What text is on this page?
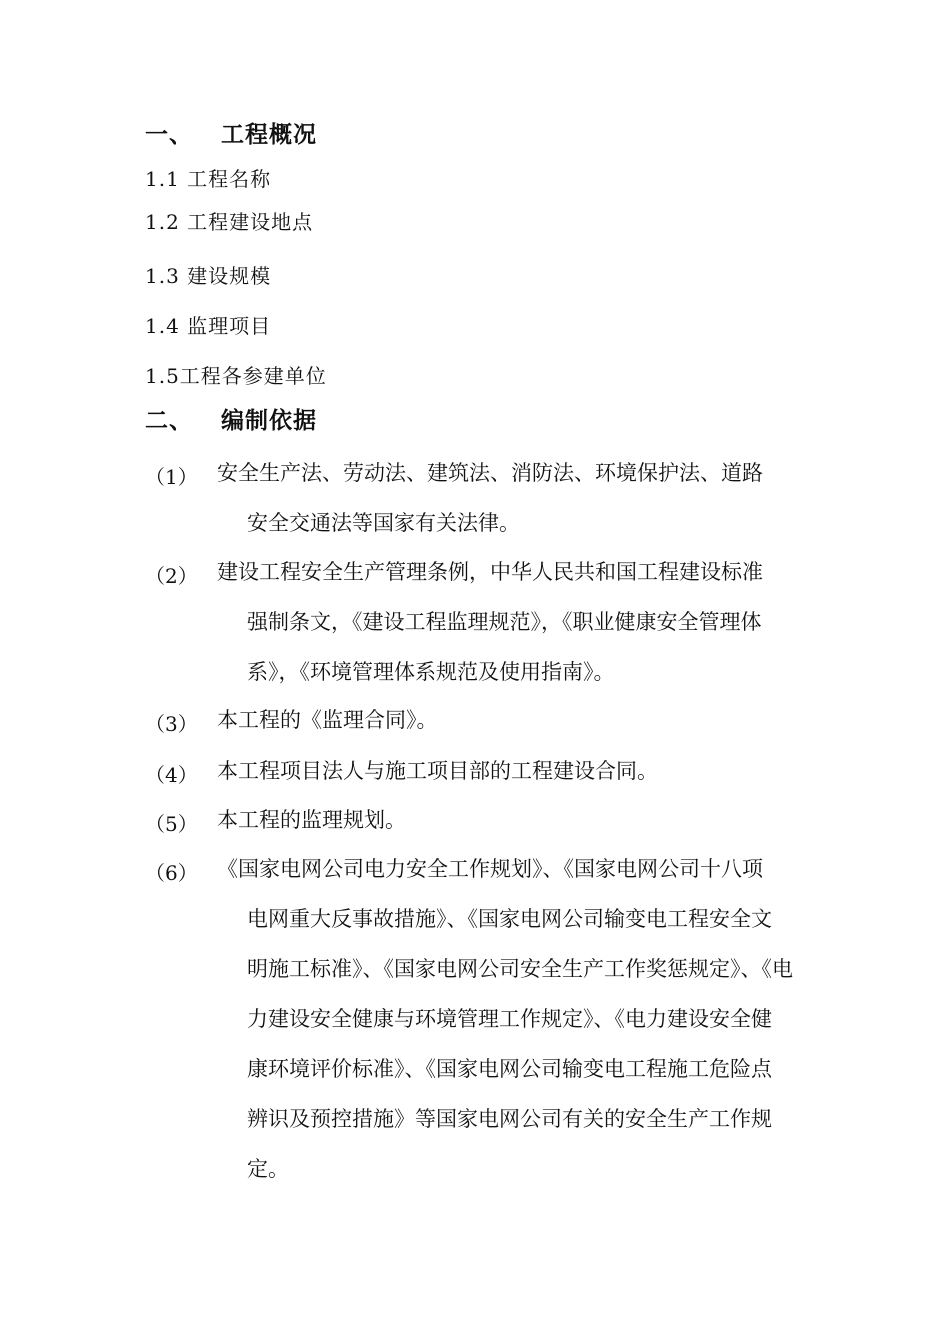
一、 工程概况
1.1 工程名称
1.2 工程建设地点
1.3 建设规模
1.4 监理项目
1.5工程各参建单位
二、 编制依据
（1） 安全生产法、劳动法、建筑法、消防法、环境保护法、道路
安全交通法等国家有关法律。
（2） 建设工程安全生产管理条例，中华人民共和国工程建设标准
强制条文，《建设工程监理规范》，《职业健康安全管理体
系》，《环境管理体系规范及使用指南》。
（3） 本工程的《监理合同》。
（4） 本工程项目法人与施工项目部的工程建设合同。
（5） 本工程的监理规划。
（6） 《国家电网公司电力安全工作规划》、《国家电网公司十八项
电网重大反事故措施》、《国家电网公司输变电工程安全文
明施工标准》、《国家电网公司安全生产工作奖惩规定》、《电
力建设安全健康与环境管理工作规定》、《电力建设安全健
康环境评价标准》、《国家电网公司输变电工程施工危险点
辨识及预控措施》等国家电网公司有关的安全生产工作规
定。
